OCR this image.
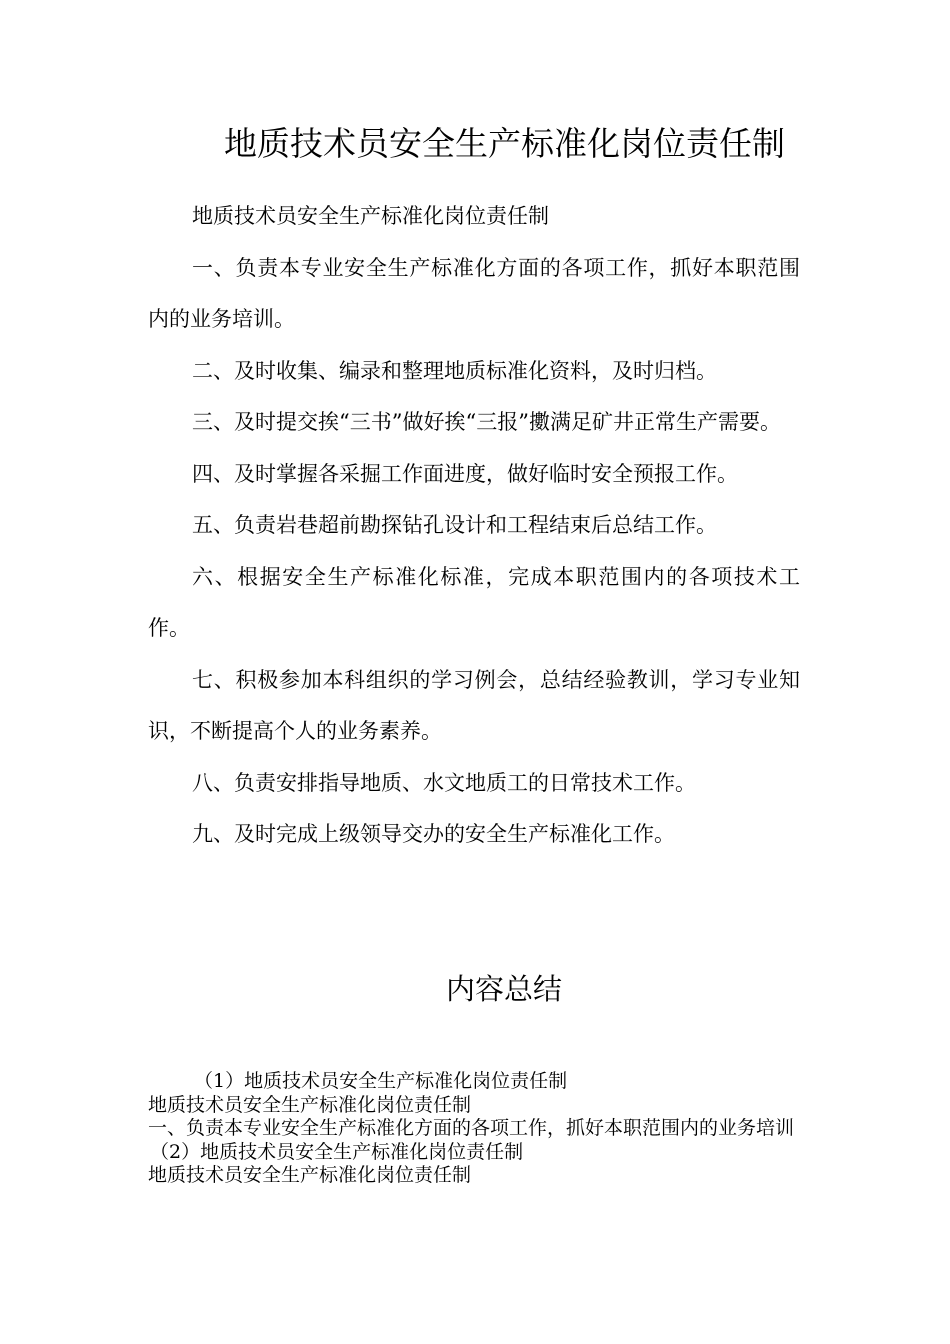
地质技术员安全生产标准化岗位责任制

地质技术员安全生产标准化岗位责任制

一、负责本专业安全生产标准化方面的各项工作，抓好本职范围内的业务培训。

二、及时收集、编录和整理地质标准化资料，及时归档。

三、及时提交挨“三书”做好挨“三报”擻满足矿井正常生产需要。

四、及时掌握各采掘工作面进度，做好临时安全预报工作。

五、负责岩巷超前勘探钻孔设计和工程结束后总结工作。

六、根据安全生产标准化标准，完成本职范围内的各项技术工作。

七、积极参加本科组织的学习例会，总结经验教训，学习专业知识，不断提高个人的业务素养。

八、负责安排指导地质、水文地质工的日常技术工作。

九、及时完成上级领导交办的安全生产标准化工作。

内容总结

（1）地质技术员安全生产标准化岗位责任制

地质技术员安全生产标准化岗位责任制

一、负责本专业安全生产标准化方面的各项工作，抓好本职范围内的业务培训

（2）地质技术员安全生产标准化岗位责任制

地质技术员安全生产标准化岗位责任制
